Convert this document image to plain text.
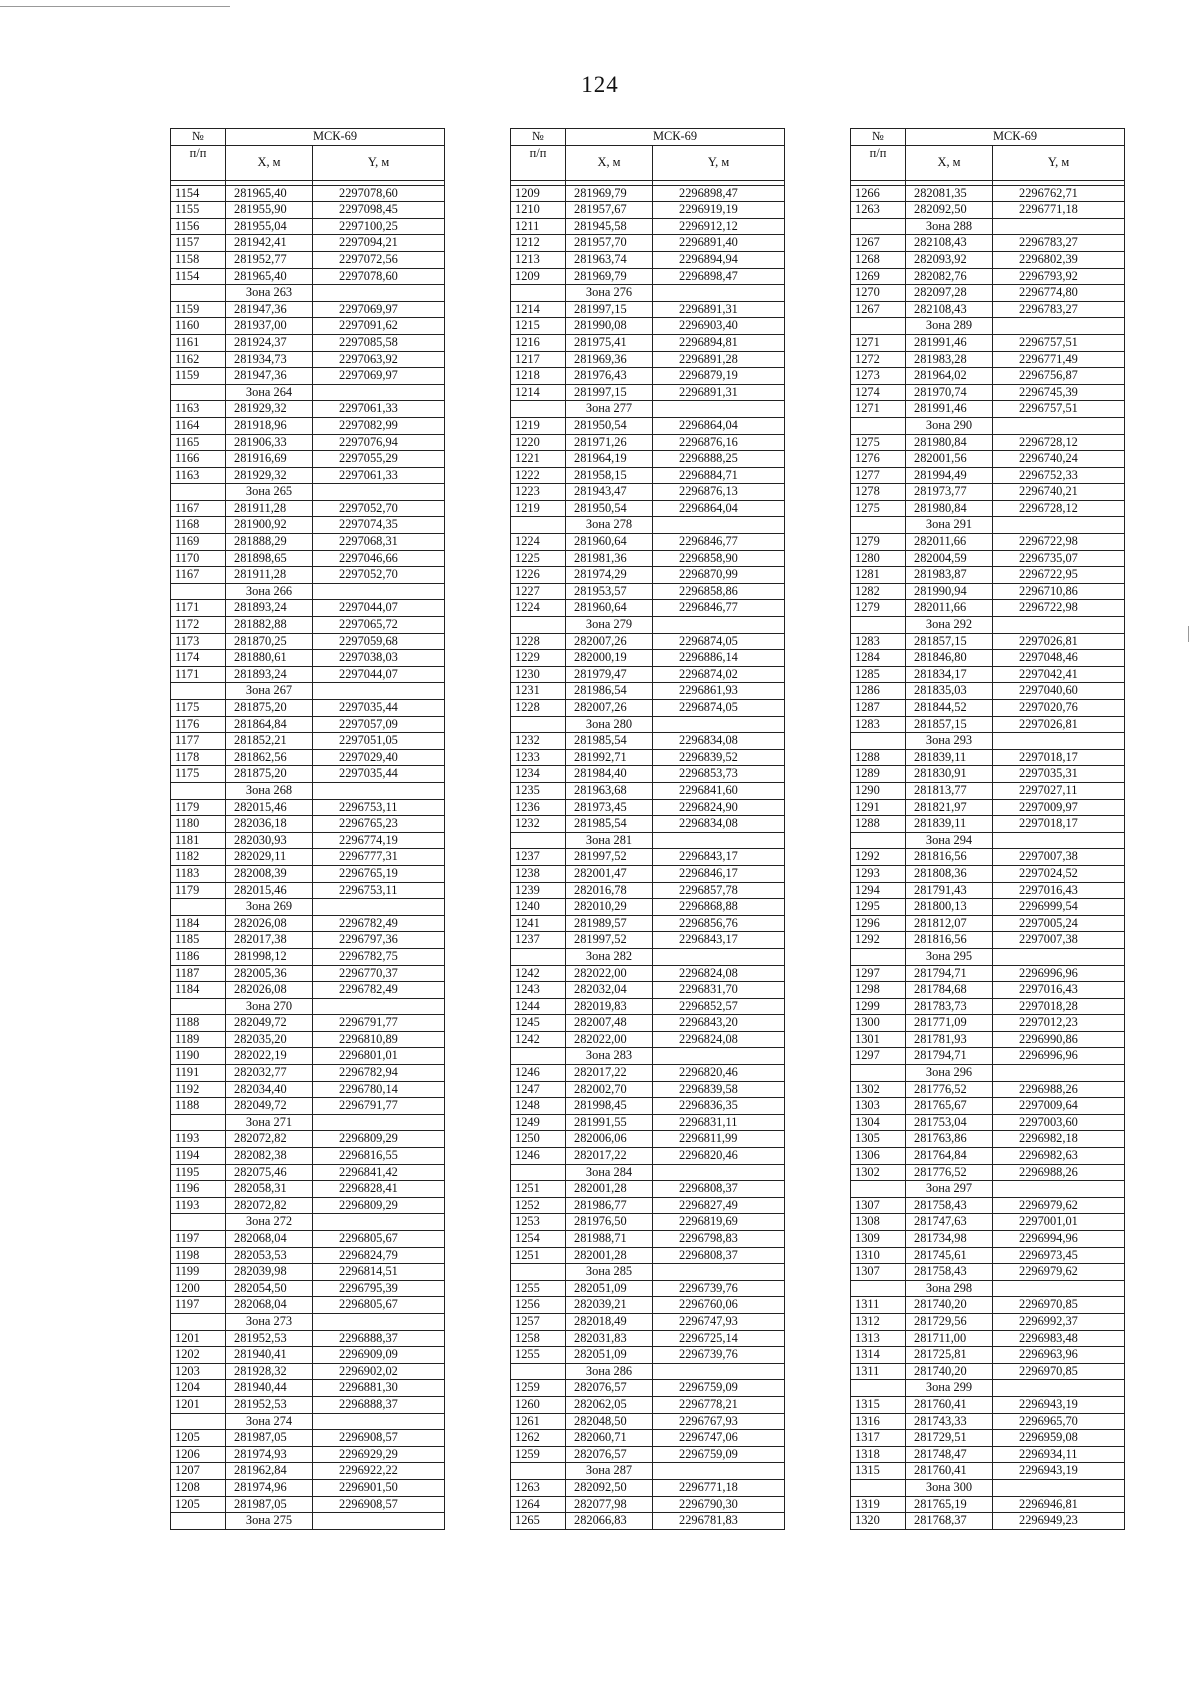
124
№	МСК-69	
п/п	X, м	Y, м

1154	281965,40	2297078,60
1155	281955,90	2297098,45
1156	281955,04	2297100,25
1157	281942,41	2297094,21
1158	281952,77	2297072,56
1154	281965,40	2297078,60
	Зона 263	
1159	281947,36	2297069,97
1160	281937,00	2297091,62
1161	281924,37	2297085,58
1162	281934,73	2297063,92
1159	281947,36	2297069,97
	Зона 264	
1163	281929,32	2297061,33
1164	281918,96	2297082,99
1165	281906,33	2297076,94
1166	281916,69	2297055,29
1163	281929,32	2297061,33
	Зона 265	
1167	281911,28	2297052,70
1168	281900,92	2297074,35
1169	281888,29	2297068,31
1170	281898,65	2297046,66
1167	281911,28	2297052,70
	Зона 266	
1171	281893,24	2297044,07
1172	281882,88	2297065,72
1173	281870,25	2297059,68
1174	281880,61	2297038,03
1171	281893,24	2297044,07
	Зона 267	
1175	281875,20	2297035,44
1176	281864,84	2297057,09
1177	281852,21	2297051,05
1178	281862,56	2297029,40
1175	281875,20	2297035,44
	Зона 268	
1179	282015,46	2296753,11
1180	282036,18	2296765,23
1181	282030,93	2296774,19
1182	282029,11	2296777,31
1183	282008,39	2296765,19
1179	282015,46	2296753,11
	Зона 269	
1184	282026,08	2296782,49
1185	282017,38	2296797,36
1186	281998,12	2296782,75
1187	282005,36	2296770,37
1184	282026,08	2296782,49
	Зона 270	
1188	282049,72	2296791,77
1189	282035,20	2296810,89
1190	282022,19	2296801,01
1191	282032,77	2296782,94
1192	282034,40	2296780,14
1188	282049,72	2296791,77
	Зона 271	
1193	282072,82	2296809,29
1194	282082,38	2296816,55
1195	282075,46	2296841,42
1196	282058,31	2296828,41
1193	282072,82	2296809,29
	Зона 272	
1197	282068,04	2296805,67
1198	282053,53	2296824,79
1199	282039,98	2296814,51
1200	282054,50	2296795,39
1197	282068,04	2296805,67
	Зона 273	
1201	281952,53	2296888,37
1202	281940,41	2296909,09
1203	281928,32	2296902,02
1204	281940,44	2296881,30
1201	281952,53	2296888,37
	Зона 274	
1205	281987,05	2296908,57
1206	281974,93	2296929,29
1207	281962,84	2296922,22
1208	281974,96	2296901,50
1205	281987,05	2296908,57
	Зона 275	
№	МСК-69	
п/п	X, м	Y, м

1209	281969,79	2296898,47
1210	281957,67	2296919,19
1211	281945,58	2296912,12
1212	281957,70	2296891,40
1213	281963,74	2296894,94
1209	281969,79	2296898,47
	Зона 276	
1214	281997,15	2296891,31
1215	281990,08	2296903,40
1216	281975,41	2296894,81
1217	281969,36	2296891,28
1218	281976,43	2296879,19
1214	281997,15	2296891,31
	Зона 277	
1219	281950,54	2296864,04
1220	281971,26	2296876,16
1221	281964,19	2296888,25
1222	281958,15	2296884,71
1223	281943,47	2296876,13
1219	281950,54	2296864,04
	Зона 278	
1224	281960,64	2296846,77
1225	281981,36	2296858,90
1226	281974,29	2296870,99
1227	281953,57	2296858,86
1224	281960,64	2296846,77
	Зона 279	
1228	282007,26	2296874,05
1229	282000,19	2296886,14
1230	281979,47	2296874,02
1231	281986,54	2296861,93
1228	282007,26	2296874,05
	Зона 280	
1232	281985,54	2296834,08
1233	281992,71	2296839,52
1234	281984,40	2296853,73
1235	281963,68	2296841,60
1236	281973,45	2296824,90
1232	281985,54	2296834,08
	Зона 281	
1237	281997,52	2296843,17
1238	282001,47	2296846,17
1239	282016,78	2296857,78
1240	282010,29	2296868,88
1241	281989,57	2296856,76
1237	281997,52	2296843,17
	Зона 282	
1242	282022,00	2296824,08
1243	282032,04	2296831,70
1244	282019,83	2296852,57
1245	282007,48	2296843,20
1242	282022,00	2296824,08
	Зона 283	
1246	282017,22	2296820,46
1247	282002,70	2296839,58
1248	281998,45	2296836,35
1249	281991,55	2296831,11
1250	282006,06	2296811,99
1246	282017,22	2296820,46
	Зона 284	
1251	282001,28	2296808,37
1252	281986,77	2296827,49
1253	281976,50	2296819,69
1254	281988,71	2296798,83
1251	282001,28	2296808,37
	Зона 285	
1255	282051,09	2296739,76
1256	282039,21	2296760,06
1257	282018,49	2296747,93
1258	282031,83	2296725,14
1255	282051,09	2296739,76
	Зона 286	
1259	282076,57	2296759,09
1260	282062,05	2296778,21
1261	282048,50	2296767,93
1262	282060,71	2296747,06
1259	282076,57	2296759,09
	Зона 287	
1263	282092,50	2296771,18
1264	282077,98	2296790,30
1265	282066,83	2296781,83
№	МСК-69	
п/п	X, м	Y, м

1266	282081,35	2296762,71
1263	282092,50	2296771,18
	Зона 288	
1267	282108,43	2296783,27
1268	282093,92	2296802,39
1269	282082,76	2296793,92
1270	282097,28	2296774,80
1267	282108,43	2296783,27
	Зона 289	
1271	281991,46	2296757,51
1272	281983,28	2296771,49
1273	281964,02	2296756,87
1274	281970,74	2296745,39
1271	281991,46	2296757,51
	Зона 290	
1275	281980,84	2296728,12
1276	282001,56	2296740,24
1277	281994,49	2296752,33
1278	281973,77	2296740,21
1275	281980,84	2296728,12
	Зона 291	
1279	282011,66	2296722,98
1280	282004,59	2296735,07
1281	281983,87	2296722,95
1282	281990,94	2296710,86
1279	282011,66	2296722,98
	Зона 292	
1283	281857,15	2297026,81
1284	281846,80	2297048,46
1285	281834,17	2297042,41
1286	281835,03	2297040,60
1287	281844,52	2297020,76
1283	281857,15	2297026,81
	Зона 293	
1288	281839,11	2297018,17
1289	281830,91	2297035,31
1290	281813,77	2297027,11
1291	281821,97	2297009,97
1288	281839,11	2297018,17
	Зона 294	
1292	281816,56	2297007,38
1293	281808,36	2297024,52
1294	281791,43	2297016,43
1295	281800,13	2296999,54
1296	281812,07	2297005,24
1292	281816,56	2297007,38
	Зона 295	
1297	281794,71	2296996,96
1298	281784,68	2297016,43
1299	281783,73	2297018,28
1300	281771,09	2297012,23
1301	281781,93	2296990,86
1297	281794,71	2296996,96
	Зона 296	
1302	281776,52	2296988,26
1303	281765,67	2297009,64
1304	281753,04	2297003,60
1305	281763,86	2296982,18
1306	281764,84	2296982,63
1302	281776,52	2296988,26
	Зона 297	
1307	281758,43	2296979,62
1308	281747,63	2297001,01
1309	281734,98	2296994,96
1310	281745,61	2296973,45
1307	281758,43	2296979,62
	Зона 298	
1311	281740,20	2296970,85
1312	281729,56	2296992,37
1313	281711,00	2296983,48
1314	281725,81	2296963,96
1311	281740,20	2296970,85
	Зона 299	
1315	281760,41	2296943,19
1316	281743,33	2296965,70
1317	281729,51	2296959,08
1318	281748,47	2296934,11
1315	281760,41	2296943,19
	Зона 300	
1319	281765,19	2296946,81
1320	281768,37	2296949,23
